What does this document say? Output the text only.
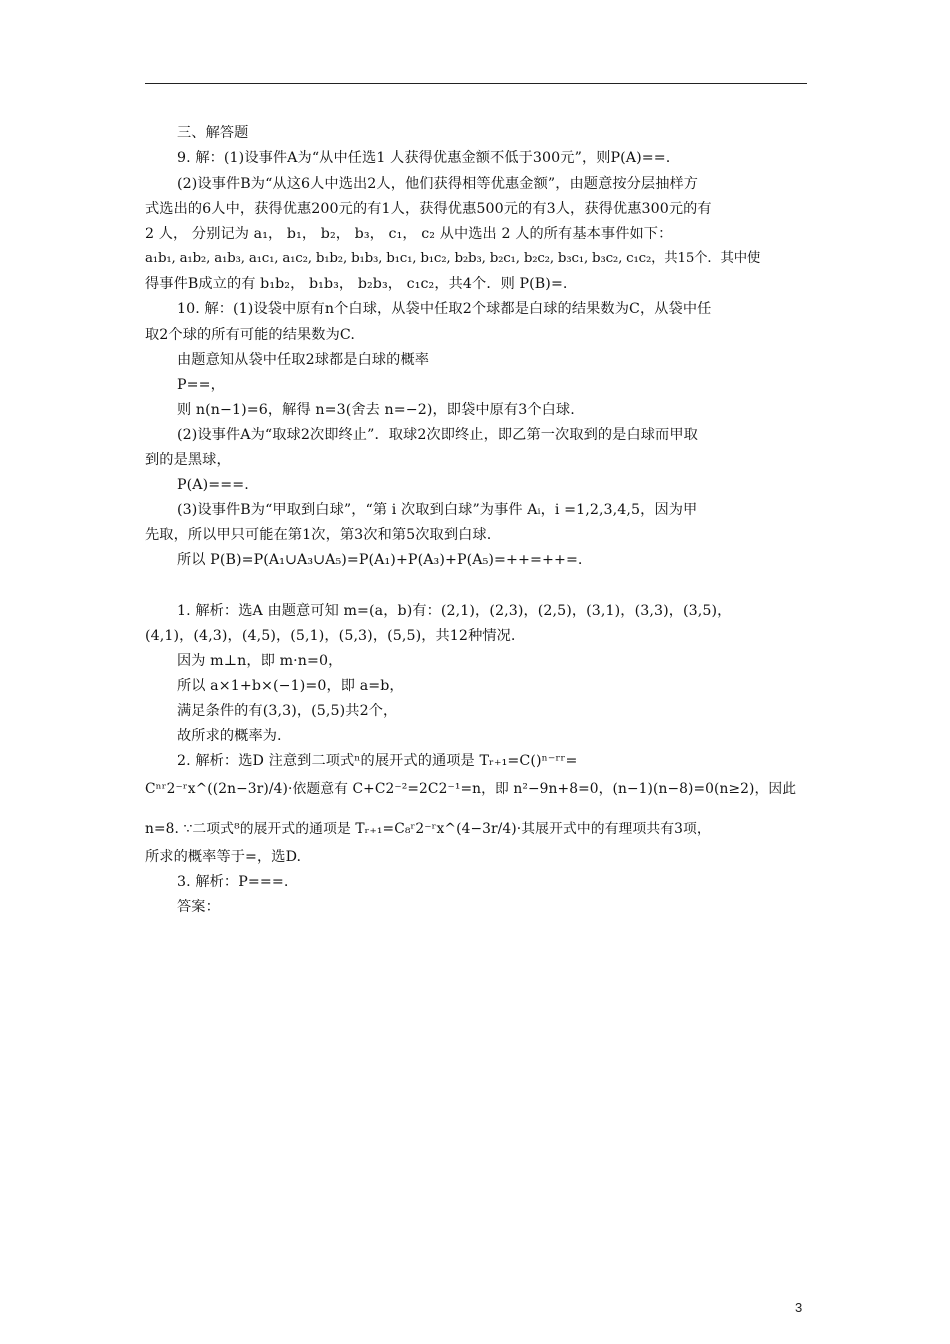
三、解答题
9. 解：(1)设事件A为“从中任选1 人获得优惠金额不低于300元”，则P(A)==.
(2)设事件B为“从这6人中选出2人，他们获得相等优惠金额”，由题意按分层抽样方
式选出的6人中，获得优惠200元的有1人，获得优惠500元的有3人，获得优惠300元的有
2 人， 分别记为 a₁， b₁， b₂， b₃， c₁， c₂ 从中选出 2 人的所有基本事件如下：
a₁b₁, a₁b₂, a₁b₃, a₁c₁, a₁c₂, b₁b₂, b₁b₃, b₁c₁, b₁c₂, b₂b₃, b₂c₁, b₂c₂, b₃c₁, b₃c₂, c₁c₂，共15个．其中使
得事件B成立的有 b₁b₂， b₁b₃， b₂b₃， c₁c₂，共4个．则 P(B)=.
10. 解：(1)设袋中原有n个白球，从袋中任取2个球都是白球的结果数为C，从袋中任
取2个球的所有可能的结果数为C.
由题意知从袋中任取2球都是白球的概率
P==，
则 n(n−1)=6，解得 n=3(舍去 n=−2)，即袋中原有3个白球.
(2)设事件A为“取球2次即终止”．取球2次即终止，即乙第一次取到的是白球而甲取
到的是黑球，
P(A)===.
(3)设事件B为“甲取到白球”，“第 i 次取到白球”为事件 Aᵢ，i =1,2,3,4,5，因为甲
先取，所以甲只可能在第1次，第3次和第5次取到白球.
所以 P(B)=P(A₁∪A₃∪A₅)=P(A₁)+P(A₃)+P(A₅)=++=++=.
1. 解析：选A 由题意可知 m=(a，b)有：(2,1)，(2,3)，(2,5)，(3,1)，(3,3)，(3,5)，
(4,1)，(4,3)，(4,5)，(5,1)，(5,3)，(5,5)，共12种情况.
因为 m⊥n，即 m·n=0，
所以 a×1+b×(−1)=0，即 a=b，
满足条件的有(3,3)，(5,5)共2个，
故所求的概率为.
2. 解析：选D 注意到二项式ⁿ的展开式的通项是 Tᵣ₊₁=C()ⁿ⁻ʳʳ=
Cⁿʳ2⁻ʳx^((2n−3r)/4)·依题意有 C+C2⁻²=2C2⁻¹=n，即 n²−9n+8=0，(n−1)(n−8)=0(n≥2)，因此
n=8. ∵二项式⁸的展开式的通项是 Tᵣ₊₁=C₈ʳ2⁻ʳx^(4−3r/4)·其展开式中的有理项共有3项，
所求的概率等于=，选D.
3. 解析：P===.
答案：
3
